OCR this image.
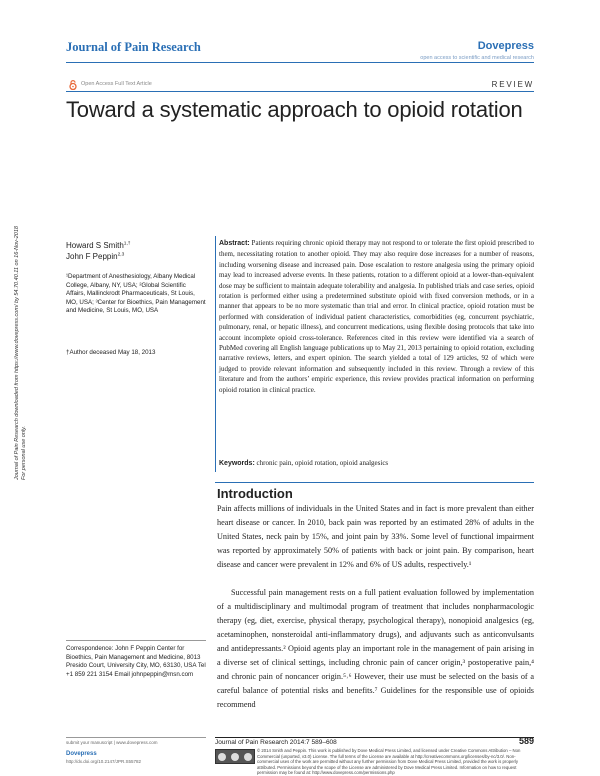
Journal of Pain Research	Dovepress
open access to scientific and medical research
Open Access Full Text Article	REVIEW
Toward a systematic approach to opioid rotation
Journal of Pain Research downloaded from https://www.dovepress.com/ by 54.70.40.11 on 16-Nov-2018 For personal use only.
Howard S Smith$^{1,\dagger}$
John F Peppin$^{2,3}$
¹Department of Anesthesiology, Albany Medical College, Albany, NY, USA; ²Global Scientific Affairs, Mallinckrodt Pharmaceuticals, St Louis, MO, USA; ³Center for Bioethics, Pain Management and Medicine, St Louis, MO, USA
†Author deceased May 18, 2013
Abstract: Patients requiring chronic opioid therapy may not respond to or tolerate the first opioid prescribed to them, necessitating rotation to another opioid. They may also require dose increases for a number of reasons, including worsening disease and increased pain. Dose escalation to restore analgesia using the primary opioid may lead to increased adverse events. In these patients, rotation to a different opioid at a lower-than-equivalent dose may be sufficient to maintain adequate tolerability and analgesia. In published trials and case series, opioid rotation is performed either using a predetermined substitute opioid with fixed conversion methods, or in a manner that appears to be no more systematic than trial and error. In clinical practice, opioid rotation must be performed with consideration of individual patient characteristics, comorbidities (eg, concurrent psychiatric, pulmonary, renal, or hepatic illness), and concurrent medications, using flexible dosing protocols that take into account incomplete opioid cross-tolerance. References cited in this review were identified via a search of PubMed covering all English language publications up to May 21, 2013 pertaining to opioid rotation, excluding narrative reviews, letters, and expert opinion. The search yielded a total of 129 articles, 92 of which were judged to provide relevant information and subsequently included in this review. Through a review of this literature and from the authors’ empiric experience, this review provides practical information on performing opioid rotation in clinical practice.
Keywords: chronic pain, opioid rotation, opioid analgesics
Introduction
Pain affects millions of individuals in the United States and in fact is more prevalent than either heart disease or cancer. In 2010, back pain was reported by an estimated 28% of adults in the United States, neck pain by 15%, and joint pain by 33%. Some level of functional impairment was reported by approximately 50% of patients with back or joint pain. By comparison, heart disease and cancer were prevalent in 12% and 6% of US adults, respectively.¹
Successful pain management rests on a full patient evaluation followed by implementation of a multidisciplinary and multimodal program of treatment that includes nonpharmacologic therapy (eg, diet, exercise, physical therapy, psychological therapy), nonopioid analgesics (eg, acetaminophen, nonsteroidal anti-inflammatory drugs), and adjuvants such as anticonvulsants and antidepressants.² Opioid agents play an important role in the management of pain arising in a diverse set of clinical settings, including chronic pain of cancer origin,³ postoperative pain,⁴ and chronic pain of noncancer origin.⁵˒⁶ However, their use must be selected on the basis of a careful balance of potential risks and benefits.⁷ Guidelines for the responsible use of opioids recommend
Correspondence: John F Peppin Center for Bioethics, Pain Management and Medicine, 8013 Presido Court, University City, MO, 63130, USA Tel +1 859 221 3154 Email johnpeppin@msn.com
submit your manuscript | www.dovepress.com
Dovepress
http://dx.doi.org/10.2147/JPR.S55782
Journal of Pain Research 2014:7 589–608	589
© 2014 Smith and Peppin. This work is published by Dove Medical Press Limited, and licensed under Creative Commons Attribution – Non Commercial (unported, v3.0) License. The full terms of the License are available at http://creativecommons.org/licenses/by-nc/3.0/. Non-commercial uses of the work are permitted without any further permission from Dove Medical Press Limited, provided the work is properly attributed. Permissions beyond the scope of the License are administered by Dove Medical Press Limited. Information on how to request permission may be found at: http://www.dovepress.com/permissions.php
